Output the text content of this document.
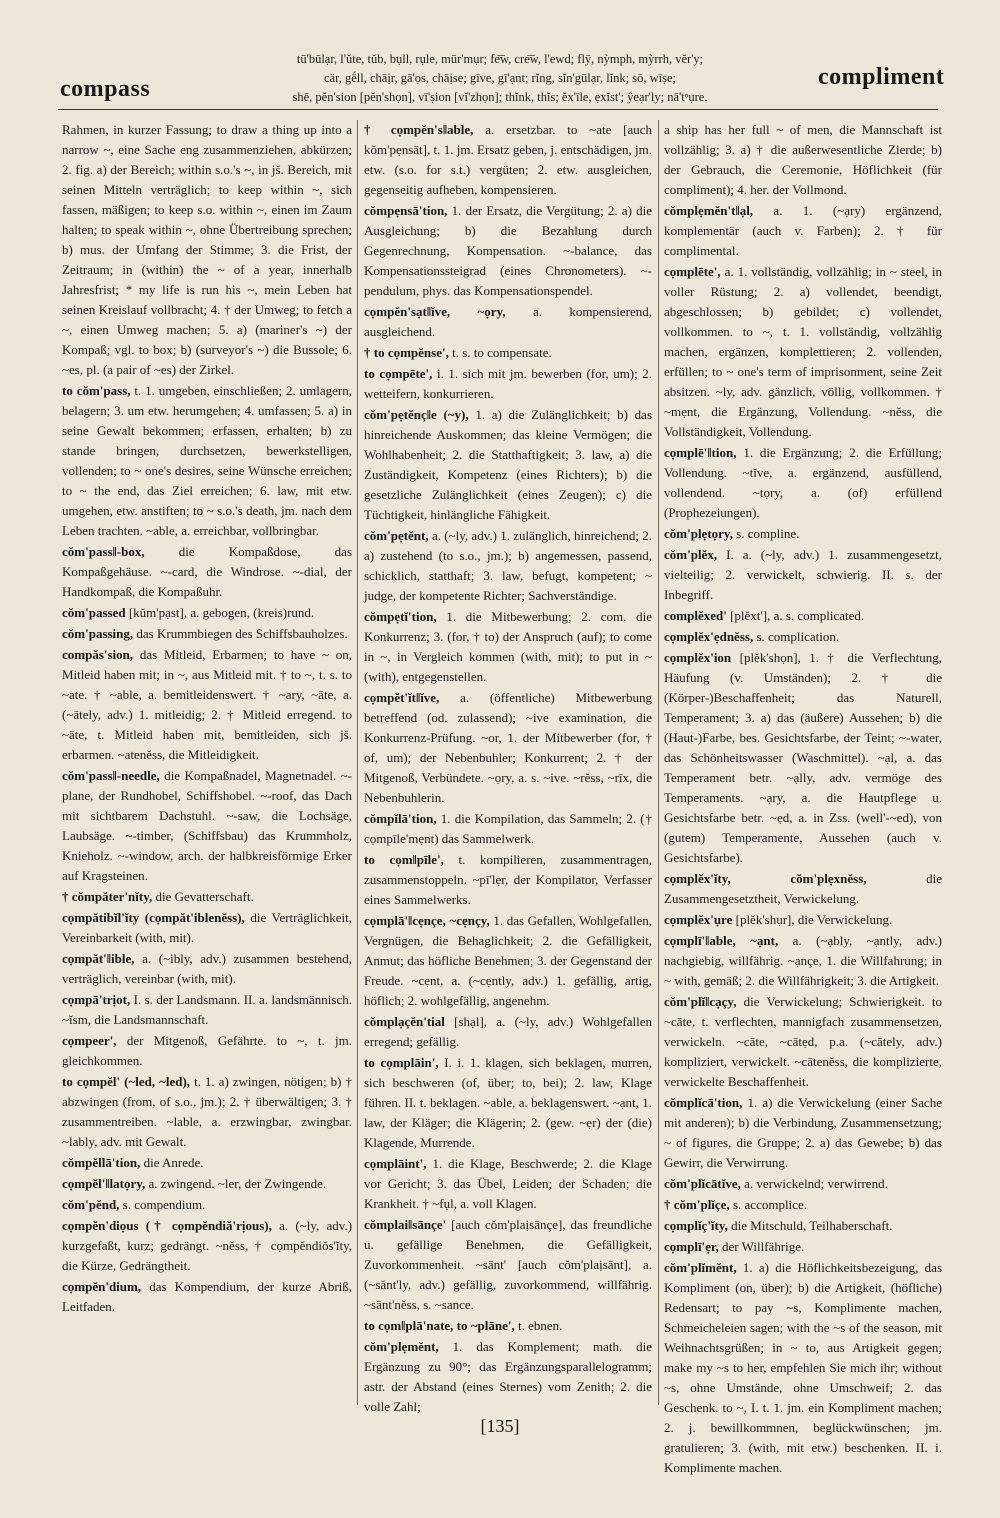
compass
tū'būlạr, l'ŭte, tŭb, bụll, rụle, mūr'mụr; fe͞w, cre͞w, l'ewd; flȳ, nỳmph, mỳrrh, vĕr'y;
cär, gḗll, chāịr, gā'ọs, chāịse; gīve, gī'ạnt; rĭng, sĭn'gūlạr, lĭnk; sō, wīṣe;
shē, pĕn'sion [pĕn'shọn], vī'ṣion [vĭ'zhọn]; thĭnk, thĭs; ĕx'īle, ẹxĭst'; ŷeạr'ly; nā'tᵒụre.
compliment
Rahmen, in kurzer Fassung; to draw a thing up into a narrow ~, eine Sache eng zusammenziehen, abkürzen; 2. fig. a) der Bereich; within s.o.'s ~, in jš. Bereich, mit seinen Mitteln verträglich; to keep within ~, sich fassen, mäßigen; to keep s.o. within ~, einen im Zaum halten; to speak within ~, ohne Übertreibung sprechen; b) mus. der Umfang der Stimme; 3. die Frist, der Zeitraum; in (within) the ~ of a year, innerhalb Jahresfrist; * my life is run his ~, mein Leben hat seinen Kreislauf vollbracht; 4. † der Umweg; to fetch a ~, einen Umweg machen; 5. a) (mariner's ~) der Kompaß; vgl. to box; b) (surveyor's ~) die Bussole; 6. ~es, pl. (a pair of ~es) der Zirkel.
to cŏm'pass, t. 1. umgeben, einschließen; 2. umlagern, belagern; 3. um etw. herumgehen; 4. umfassen; 5. a) in seine Gewalt bekommen; erfassen, erhalten; b) zu stande bringen, durchsetzen, bewerkstelligen, vollenden; to ~ one's desires, seine Wünsche erreichen; to ~ the end, das Ziel erreichen; 6. law, mit etw. umgehen, etw. anstiften; to ~ s.o.'s death, jm. nach dem Leben trachten. ~able, a. erreichbar, vollbringbar.
cŏm'pass‖-box,	die Kompaßdose, das Kompaßgehäuse. ~-card, die Windrose. ~-dial, der Handkompaß, die Kompaßuhr.
cŏm'passed [kŭm'pạst], a. gebogen, (kreis)rund.
cŏm'passing, das Krummbiegen des Schiffsbauholzes.
compăs'sion, das Mitleid, Erbarmen; to have ~ on, Mitleid haben mit; in ~, aus Mitleid mit. † to ~, t. s. to ~ate. † ~able, a. bemitleidenswert. † ~ary, ~āte, a. (~ātely, adv.) 1. mitleidig; 2. † Mitleid erregend. to ~āte, t. Mitleid haben mit, bemitleiden, sich jš. erbarmen. ~atenĕss, die Mitleidigkeit.
cŏm'pass‖-needle, die Kompaßnadel, Magnetnadel. ~-plane, der Rundhobel, Schiffshobel. ~-roof, das Dach mit sichtbarem Dachstuhl. ~-saw, die Lochsäge, Laubsäge. ~-timber, (Schiffsbau) das Krummholz, Knieholz. ~-window, arch. der halbkreisförmige Erker auf Kragsteinen.
† cŏmpăter'nĭty, die Gevatterschaft.
cọmpătibĭl'ĭty (cọmpăt'iblenĕss), die Verträglichkeit, Vereinbarkeit (with, mit).
cọmpăt'‖ible, a. (~ibly, adv.) zusammen bestehend, verträglich, vereinbar (with, mit).
cọmpā'trịot, I. s. der Landsmann. II. a. landsmännisch. ~ĭsm, die Landsmannschaft.
cọmpeer', der Mitgenoß, Gefährte. to ~, t. jm. gleichkommen.
to cọmpĕl' (~led, ~led), t. 1. a) zwingen, nötigen; b) † abzwingen (from, of s.o., jm.); 2. † überwältigen; 3. † zusammentreiben. ~lable, a. erzwingbar, zwingbar. ~lably, adv. mit Gewalt.
cŏmpĕllā'tion, die Anrede.
cọmpĕl'‖latọry, a. zwingend. ~ler, der Zwingende.
cŏm'pĕnd, s. compendium.
cọmpĕn'diọus († cọmpĕndiă'rịous), a. (~ly, adv.) kurzgefaßt, kurz; gedrängt. ~nĕss, † cọmpĕndiŏs'ĭty, die Kürze, Gedrängtheit.
cọmpĕn'dium, das Kompendium, der kurze Abriß, Leitfaden.
† cọmpĕn's‖able, a. ersetzbar. to ~ate [auch kŏm'pẹnsāt], t. 1. jm. Ersatz geben, j. entschädigen, jm. etw. (s.o. for s.t.) vergüten; 2. etw. ausgleichen, gegenseitig aufheben, kompensieren.
cŏmpẹnsā'tion, 1. der Ersatz, die Vergütung; 2. a) die Ausgleichung; b) die Bezahlung durch Gegenrechnung, Kompensation. ~-balance, das Kompensationssteigrad (eines Chronometers). ~-pendulum, phys. das Kompensationspendel.
cọmpĕn'sạt‖ĭve, ~ọry, a. kompensierend, ausgleichend.
† to cọmpĕnse', t. s. to compensate.
to cọmpēte', i. 1. sich mit jm. bewerben (for, um); 2. wetteifern, konkurrieren.
cŏm'pẹtĕnç‖e (~y), 1. a) die Zulänglichkeit; b) das hinreichende Auskommen; das kleine Vermögen; die Wohlhabenheit; 2. die Statthaftigkeit; 3. law, a) die Zuständigkeit, Kompetenz (eines Richters); b) die gesetzliche Zulänglichkeit (eines Zeugen); c) die Tüchtigkeit, hinlängliche Fähigkeit.
cŏm'pẹtĕnt, a. (~ly, adv.) 1. zulänglich, hinreichend; 2. a) zustehend (to s.o., jm.); b) angemessen, passend, schicklich, statthaft; 3. law, befugt, kompetent; ~ judge, der kompetente Richter; Sachverständige.
cŏmpẹtĭ'tion, 1. die Mitbewerbung; 2. com. die Konkurrenz; 3. (for, † to) der Anspruch (auf); to come in ~, in Vergleich kommen (with, mit); to put in ~ (with), entgegenstellen.
cọmpĕt'ĭt‖ĭve, a. (öffentliche) Mitbewerbung betreffend (od. zulassend); ~ive examination, die Konkurrenz-Prüfung. ~or, 1. der Mitbewerber (for, † of, um); der Nebenbuhler; Konkurrent; 2. † der Mitgenoß, Verbündete. ~ọry, a. s. ~ive. ~rĕss, ~rīx, die Nebenbuhlerin.
cŏmpĭlā'tion, 1. die Kompilation, das Sammeln; 2. († cọmpīle'mẹnt) das Sammelwerk.
to cọm‖pīle', t. kompilieren, zusammentragen, zusammenstoppeln. ~pī'lẹr, der Kompilator, Verfasser eines Sammelwerks.
cọmplā'‖cẹnçe, ~cẹnçy, 1. das Gefallen, Wohlgefallen, Vergnügen, die Behaglichkeit; 2. die Gefälligkeit, Anmut; das höfliche Benehmen; 3. der Gegenstand der Freude. ~cẹnt, a. (~cẹntly, adv.) 1. gefällig, artig, höflich; 2. wohlgefällig, angenehm.
cŏmplạçĕn'tial [shạl], a. (~ly, adv.) Wohlgefallen erregend; gefällig.
to cọmplāin', I. i. 1. klagen, sich beklagen, murren, sich beschweren (of, über; to, bei); 2. law, Klage führen. II. t. beklagen. ~able, a. beklagenswert. ~ạnt, 1. law, der Kläger; die Klägerin; 2. (gew. ~ẹr) der (die) Klagende, Murrende.
cọmplāint', 1. die Klage, Beschwerde; 2. die Klage vor Gericht; 3. das Übel, Leiden; der Schaden; die Krankheit. † ~fụl, a. voll Klagen.
cŏmplai‖sānçe' [auch cŏm'plaịsānçe], das freundliche u. gefällige Benehmen, die Gefälligkeit, Zuvorkommenheit. ~sānt' [auch cŏm'plaịsānt], a. (~sănt'ly, adv.) gefällig, zuvorkommend, willfährig. ~sānt'nĕss, s. ~sance.
to cọm‖plā'nate, to ~plāne', t. ebnen.
cŏm'plẹmĕnt, 1. das Komplement; math. die Ergänzung zu 90°; das Ergänzungsparallelogramm; astr. der Abstand (eines Sternes) vom Zenith; 2. die volle Zahl;
a ship has her full ~ of men, die Mannschaft ist vollzählig; 3. a) † die außerwesentliche Zierde; b) der Gebrauch, die Ceremonie, Höflichkeit (für compliment); 4. her. der Vollmond.
cŏmplẹmĕn't‖ạl, a. 1. (~ạry) ergänzend, komplementär (auch v. Farben); 2. † für complimental.
cọmplēte', a. 1. vollständig, vollzählig; in ~ steel, in voller Rüstung; 2. a) vollendet, beendigt, abgeschlossen; b) gebildet; c) vollendet, vollkommen. to ~, t. 1. vollständig, vollzählig machen, ergänzen, komplettieren; 2. vollenden, erfüllen; to ~ one's term of imprisonment, seine Zeit absitzen. ~ly, adv. gänzlich, völlig, vollkommen. † ~mẹnt, die Ergänzung, Vollendung. ~nĕss, die Vollständigkeit, Vollendung.
cọmplē'‖tion, 1. die Ergänzung; 2. die Erfüllung; Vollendung. ~tĭve, a. ergänzend, ausfüllend, vollendend. ~tọry, a. (of) erfüllend (Prophezeiungen).
cŏm'plẹtọry, s. compline.
cŏm'plĕx, I. a. (~ly, adv.) 1. zusammengesetzt, vielteilig; 2. verwickelt, schwierig. II. s. der Inbegriff.
complĕxed' [plĕxt'], a. s. complicated.
cọmplĕx'ẹdnĕss, s. complication.
cọmplĕx'ion [plĕk'shọn], 1. † die Verflechtung, Häufung (v. Umständen); 2. † die (Körper-)Beschaffenheit; das Naturell, Temperament; 3. a) das (äußere) Aussehen; b) die (Haut-)Farbe, bes. Gesichtsfarbe, der Teint; ~-water, das Schönheitswasser (Waschmittel). ~ạl, a. das Temperament betr. ~ạlly, adv. vermöge des Temperaments. ~ạry, a. die Hautpflege u. Gesichtsfarbe betr. ~ẹd, a. in Zss. (well'-~ed), von (gutem) Temperamente, Aussehen (auch v. Gesichtsfarbe).
cọmplĕx'ĭty, cŏm'plẹxnĕss,	die Zusammengesetztheit, Verwickelung.
cọmplĕx'ụre [plĕk'shụr], die Verwickelung.
cọmplī'‖able, ~ạnt, a. (~ạbly, ~ạntly, adv.) nachgiebig, willfährig. ~ạnçe, 1. die Willfahrung; in ~ with, gemäß; 2. die Willfährigkeit; 3. die Artigkeit.
cŏm'plĭ‖cạçy, die Verwickelung; Schwierigkeit. to ~cāte, t. verflechten, mannigfach zusammensetzen, verwickeln. ~cāte, ~cātẹd, p.a. (~cātely, adv.) kompliziert, verwickelt. ~cātenĕss, die komplizierte, verwickelte Beschaffenheit.
cŏmplĭcā'tion, 1. a) die Verwickelung (einer Sache mit anderen); b) die Verbindung, Zusammensetzung; ~ of figures, die Gruppe; 2. a) das Gewebe; b) das Gewirr, die Verwirrung.
cŏm'plĭcātĭve, a. verwickelnd; verwirrend.
† cŏm'plĭçe, s. accomplice.
cọmplĭç'ĭty, die Mitschuld, Teilhaberschaft.
cọmplī'ẹr, der Willfährige.
cŏm'plĭmĕnt, 1. a) die Höflichkeitsbezeigung, das Kompliment (on, über); b) die Artigkeit, (höfliche) Redensart; to pay ~s, Komplimente machen, Schmeicheleien sagen; with the ~s of the season, mit Weihnachtsgrüßen; in ~ to, aus Artigkeit gegen; make my ~s to her, empfehlen Sie mich ihr; without ~s, ohne Umstände, ohne Umschweif; 2. das Geschenk. to ~, I. t. 1. jm. ein Kompliment machen; 2. j. bewillkommnen, beglückwünschen; jm. gratulieren; 3. (with, mit etw.) beschenken. II. i. Komplimente machen.
[135]
